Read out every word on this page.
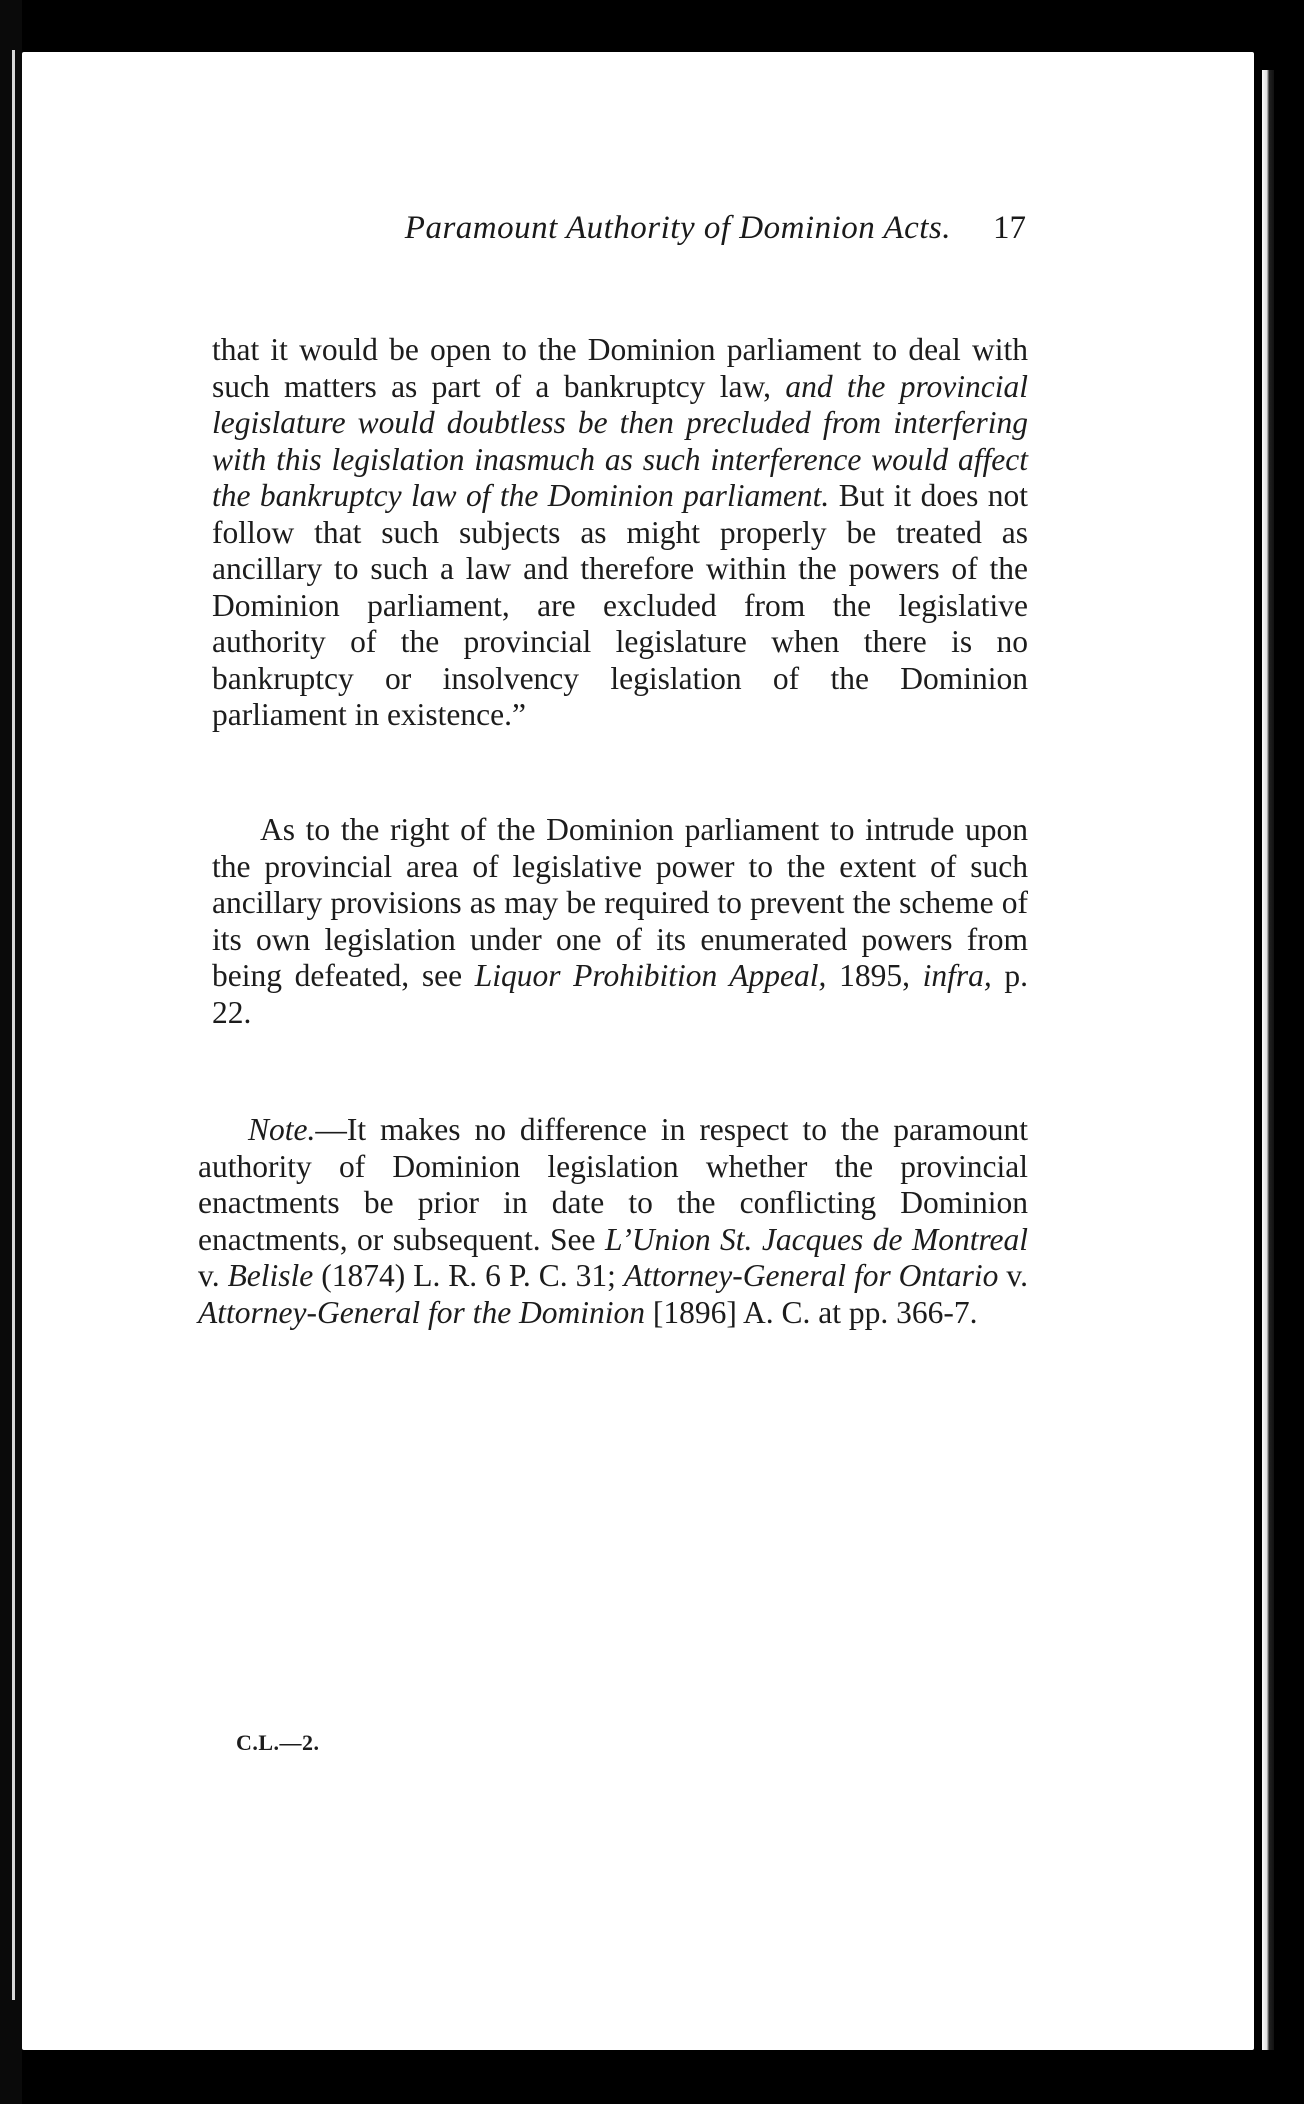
Paramount Authority of Dominion Acts. 17

that it would be open to the Dominion parliament to deal with such matters as part of a bankruptcy law, and the provincial legislature would doubtless be then precluded from interfering with this legislation inasmuch as such interference would affect the bankruptcy law of the Dominion parliament. But it does not follow that such subjects as might properly be treated as ancillary to such a law and therefore within the powers of the Dominion parliament, are excluded from the legislative authority of the provincial legislature when there is no bankruptcy or insolvency legislation of the Dominion parliament in existence.”

As to the right of the Dominion parliament to intrude upon the provincial area of legislative power to the extent of such ancillary provisions as may be required to prevent the scheme of its own legislation under one of its enumerated powers from being defeated, see Liquor Prohibition Appeal, 1895, infra, p. 22.

Note.—It makes no difference in respect to the paramount authority of Dominion legislation whether the provincial enactments be prior in date to the conflicting Dominion enactments, or subsequent. See L’Union St. Jacques de Montreal v. Belisle (1874) L. R. 6 P. C. 31; Attorney-General for Ontario v. Attorney-General for the Dominion [1896] A. C. at pp. 366-7.

C.L.—2.
